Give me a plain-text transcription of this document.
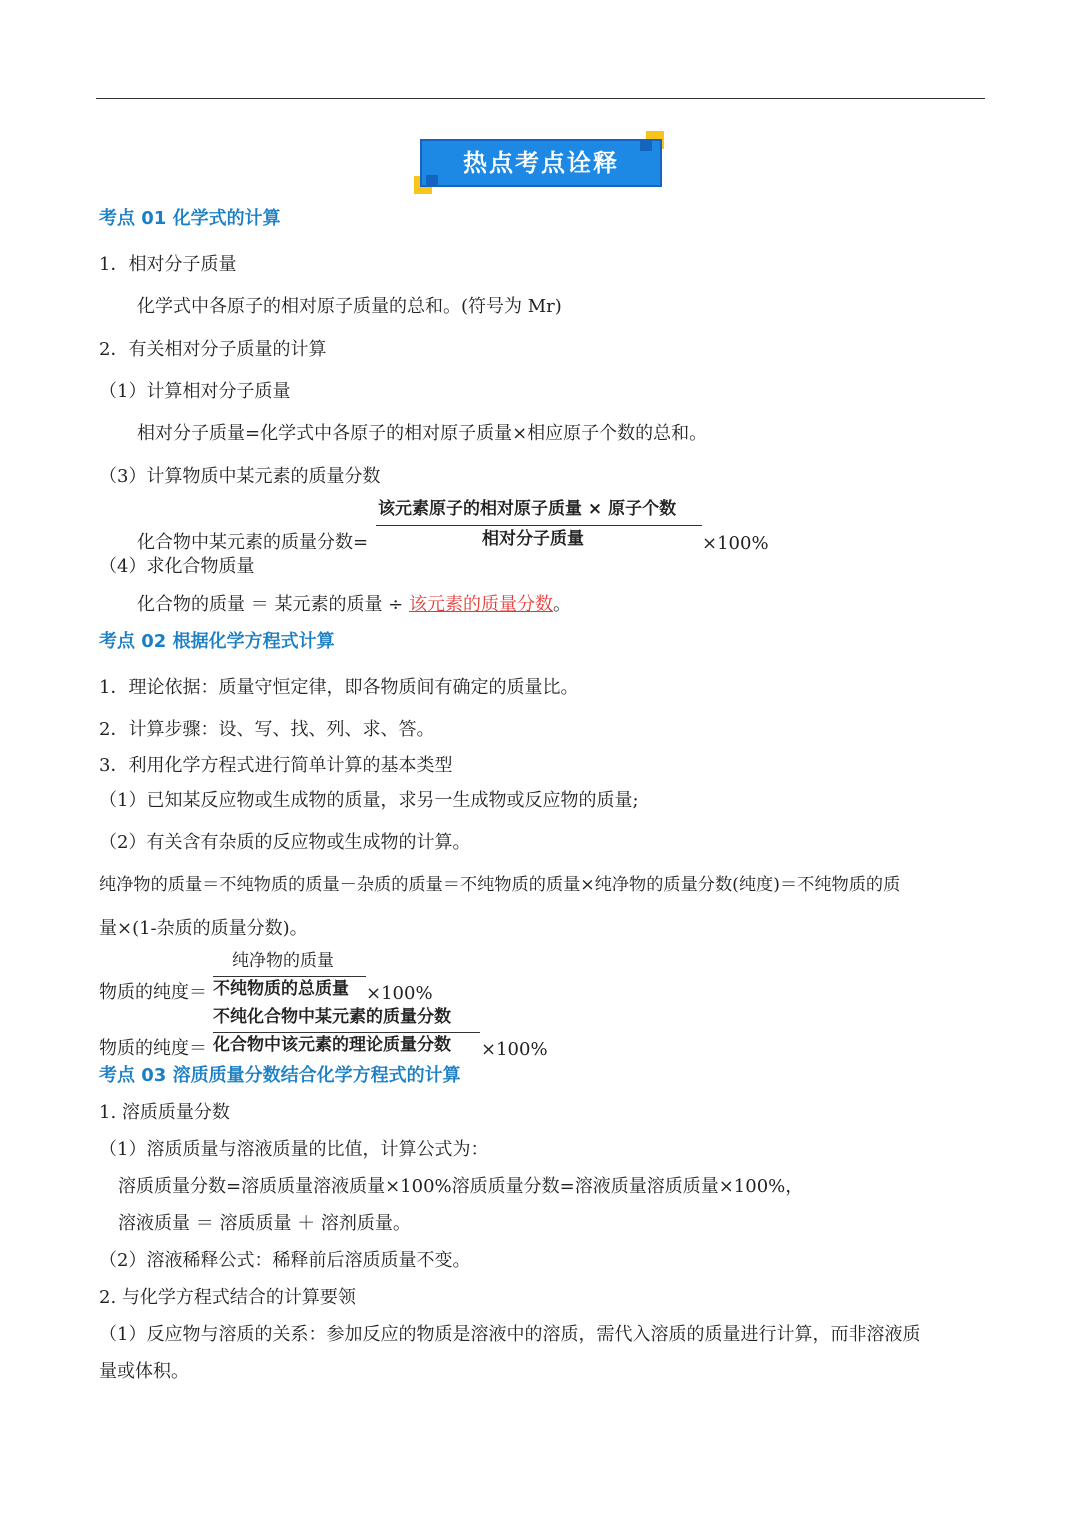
热点考点诠释
考点 01 化学式的计算
1．相对分子质量
化学式中各原子的相对原子质量的总和。(符号为 Mr)
2．有关相对分子质量的计算
（1）计算相对分子质量
相对分子质量=化学式中各原子的相对原子质量×相应原子个数的总和。
（3）计算物质中某元素的质量分数
该元素原子的相对原子质量 × 原子个数
化合物中某元素的质量分数=	相对分子质量	×100%
（4）求化合物质量
化合物的质量 ＝ 某元素的质量 ÷ 该元素的质量分数。
考点 02 根据化学方程式计算
1．理论依据：质量守恒定律，即各物质间有确定的质量比。
2．计算步骤：设、写、找、列、求、答。
3．利用化学方程式进行简单计算的基本类型
（1）已知某反应物或生成物的质量，求另一生成物或反应物的质量;
（2）有关含有杂质的反应物或生成物的计算。
纯净物的质量＝不纯物质的质量－杂质的质量＝不纯物质的质量×纯净物的质量分数(纯度)＝不纯物质的质
量×(1-杂质的质量分数)。
纯净物的质量
物质的纯度＝ 不纯物质的总质量 ×100%
不纯化合物中某元素的质量分数
物质的纯度＝ 化合物中该元素的理论质量分数 ×100%
考点 03 溶质质量分数结合化学方程式的计算
1. 溶质质量分数
（1）溶质质量与溶液质量的比值，计算公式为：
溶质质量分数=溶质质量溶液质量×100%溶质质量分数=溶液质量溶质质量×100%，
溶液质量 ＝ 溶质质量 ＋ 溶剂质量。
（2）溶液稀释公式：稀释前后溶质质量不变。
2. 与化学方程式结合的计算要领
（1）反应物与溶质的关系：参加反应的物质是溶液中的溶质，需代入溶质的质量进行计算，而非溶液质
量或体积。
